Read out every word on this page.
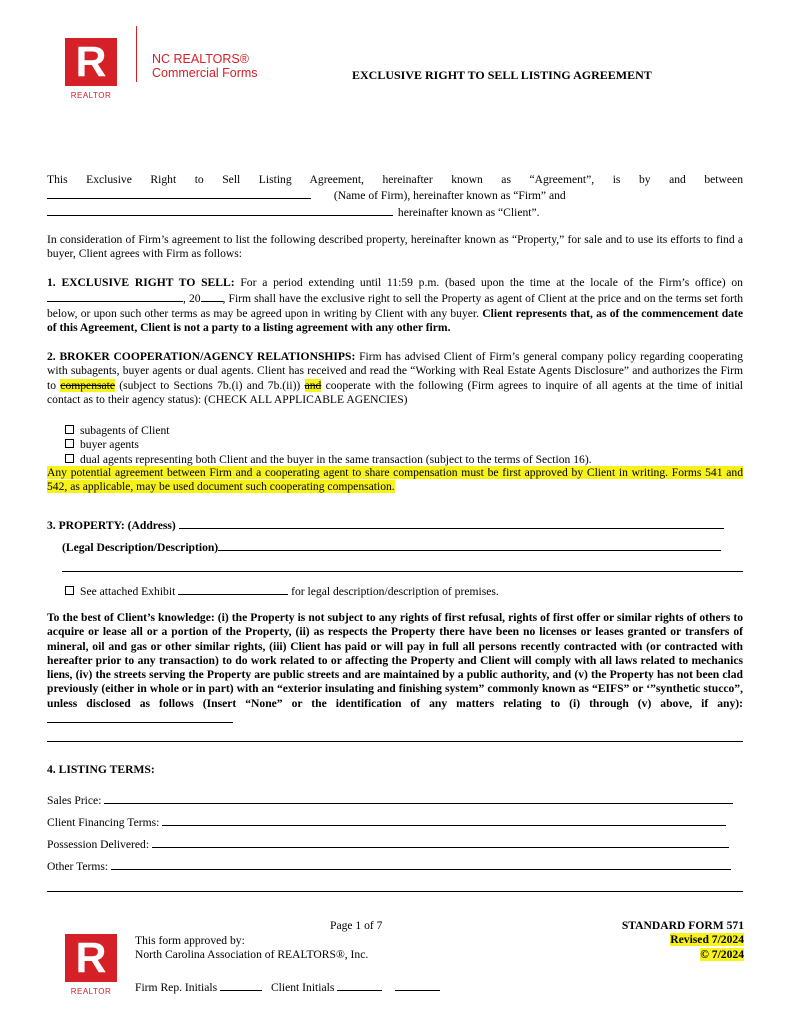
R
REALTOR
NC REALTORS®
Commercial Forms	EXCLUSIVE RIGHT TO SELL LISTING AGREEMENT

This Exclusive Right to Sell Listing Agreement, hereinafter known as “Agreement”, is by and between

(Name of Firm), hereinafter known as “Firm” and

hereinafter known as “Client”.

In consideration of Firm’s agreement to list the following described property, hereinafter known as “Property,” for sale and to use its efforts to find a buyer, Client agrees with Firm as follows:

1. EXCLUSIVE RIGHT TO SELL: For a period extending until 11:59 p.m. (based upon the time at the locale of the Firm’s office) on , 20 , Firm shall have the exclusive right to sell the Property as agent of Client at the price and on the terms set forth below, or upon such other terms as may be agreed upon in writing by Client with any buyer. Client represents that, as of the commencement date of this Agreement, Client is not a party to a listing agreement with any other firm.
2. BROKER COOPERATION/AGENCY RELATIONSHIPS: Firm has advised Client of Firm’s general company policy regarding cooperating with subagents, buyer agents or dual agents. Client has received and read the “Working with Real Estate Agents Disclosure” and authorizes the Firm to compensate (subject to Sections 7b.(i) and 7b.(ii)) and cooperate with the following (Firm agrees to inquire of all agents at the time of initial contact as to their agency status): (CHECK ALL APPLICABLE AGENCIES)
subagents of Client
buyer agents
dual agents representing both Client and the buyer in the same transaction (subject to the terms of Section 16).

Any potential agreement between Firm and a cooperating agent to share compensation must be first approved by Client in writing. Forms 541 and 542, as applicable, may be used document such cooperating compensation.

3. PROPERTY: (Address)
(Legal Description/Description)
See attached Exhibit	for legal description/description of premises.

To the best of Client’s knowledge: (i) the Property is not subject to any rights of first refusal, rights of first offer or similar rights of others to acquire or lease all or a portion of the Property, (ii) as respects the Property there have been no licenses or leases granted or transfers of mineral, oil and gas or other similar rights, (iii) Client has paid or will pay in full all persons recently contracted with (or contracted with hereafter prior to any transaction) to do work related to or affecting the Property and Client will comply with all laws related to mechanics liens, (iv) the streets serving the Property are public streets and are maintained by a public authority, and (v) the Property has not been clad previously (either in whole or in part) with an “exterior insulating and finishing system” commonly known as “EIFS” or ‘”synthetic stucco”, unless disclosed as follows (Insert “None” or the identification of any matters relating to (i) through (v) above, if any):

4. LISTING TERMS:
Sales Price:
Client Financing Terms:
Possession Delivered:
Other Terms:
Page 1 of 7
R
REALTOR
This form approved by:
North Carolina Association of REALTORS®, Inc.
Firm Rep. Initials	Client Initials
STANDARD FORM 571
Revised 7/2024
© 7/2024
